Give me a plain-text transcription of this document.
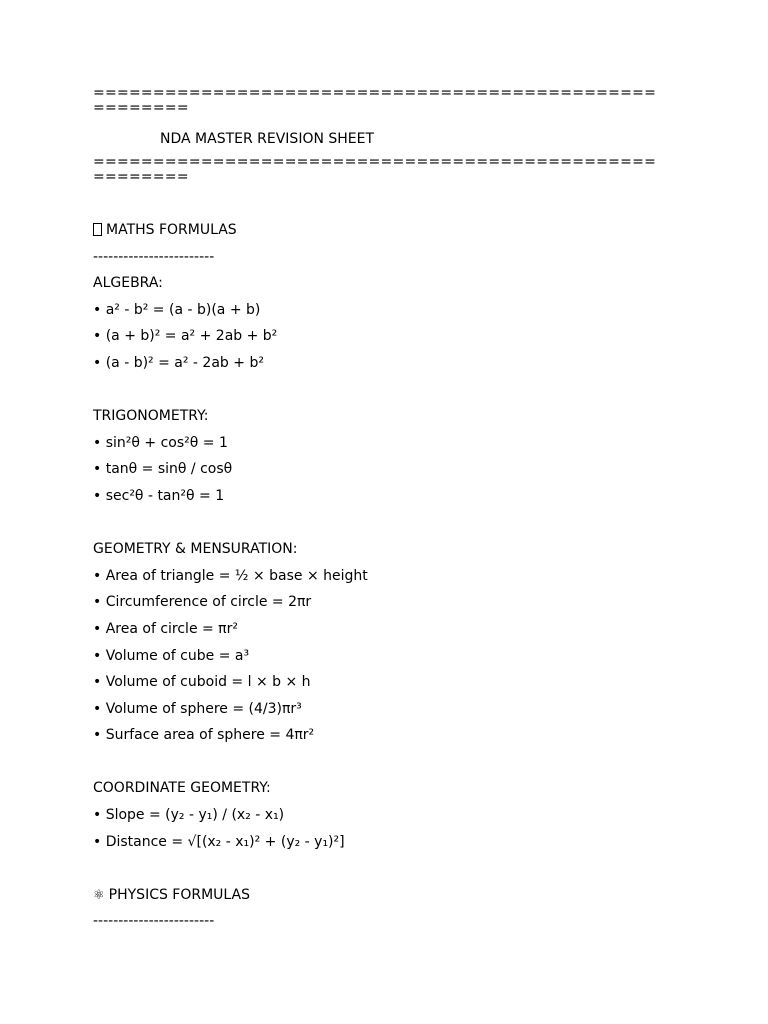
=======================================================

NDA MASTER REVISION SHEET

=======================================================

MATHS FORMULAS
------------------------
ALGEBRA:
• a² - b² = (a - b)(a + b)
• (a + b)² = a² + 2ab + b²
• (a - b)² = a² - 2ab + b²
TRIGONOMETRY:
• sin²θ + cos²θ = 1
• tanθ = sinθ / cosθ
• sec²θ - tan²θ = 1
GEOMETRY & MENSURATION:
• Area of triangle = ½ × base × height
• Circumference of circle = 2πr
• Area of circle = πr²
• Volume of cube = a³
• Volume of cuboid = l × b × h
• Volume of sphere = (4/3)πr³
• Surface area of sphere = 4πr²
COORDINATE GEOMETRY:
• Slope = (y₂ - y₁) / (x₂ - x₁)
• Distance = √[(x₂ - x₁)² + (y₂ - y₁)²]
⚛ PHYSICS FORMULAS
------------------------
